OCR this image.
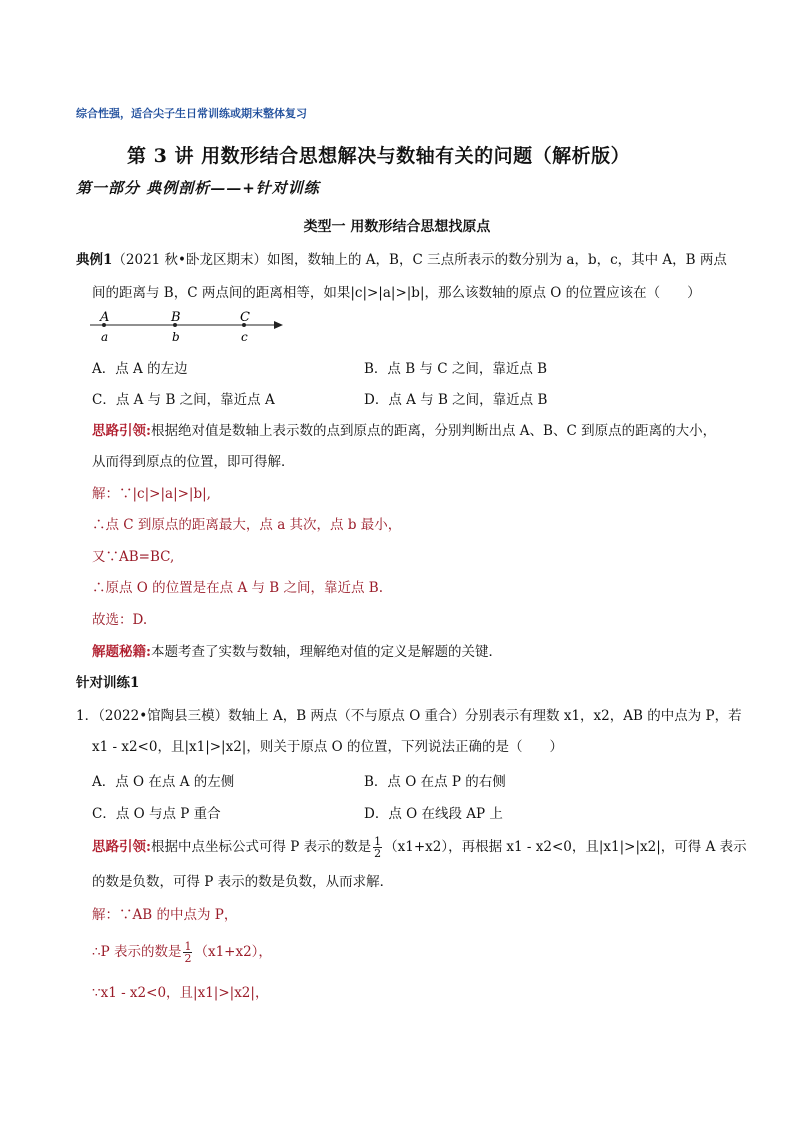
综合性强，适合尖子生日常训练或期末整体复习
第 3 讲 用数形结合思想解决与数轴有关的问题（解析版）
第一部分 典例剖析——+针对训练
类型一 用数形结合思想找原点
典例1（2021 秋•卧龙区期末）如图，数轴上的 A，B，C 三点所表示的数分别为 a，b，c，其中 A，B 两点
间的距离与 B，C 两点间的距离相等，如果|c|>|a|>|b|，那么该数轴的原点 O 的位置应该在（　　）
A	B	C
a	b	c
A．点 A 的左边	B．点 B 与 C 之间，靠近点 B
C．点 A 与 B 之间，靠近点 A	D．点 A 与 B 之间，靠近点 B
思路引领:根据绝对值是数轴上表示数的点到原点的距离，分别判断出点 A、B、C 到原点的距离的大小，
从而得到原点的位置，即可得解．
解：∵|c|>|a|>|b|,
∴点 C 到原点的距离最大，点 a 其次，点 b 最小，
又∵AB=BC,
∴原点 O 的位置是在点 A 与 B 之间，靠近点 B.
故选：D.
解题秘籍:本题考查了实数与数轴，理解绝对值的定义是解题的关键．
针对训练1
1．（2022•馆陶县三模）数轴上 A，B 两点（不与原点 O 重合）分别表示有理数 x1，x2，AB 的中点为 P，若
x1 - x2<0，且|x1|>|x2|，则关于原点 O 的位置，下列说法正确的是（　　）
A．点 O 在点 A 的左侧	B．点 O 在点 P 的右侧
C．点 O 与点 P 重合	D．点 O 在线段 AP 上
思路引领:根据中点坐标公式可得 P 表示的数是 $\frac{1}{2} (x1+x2)$，再根据 x1 - x2<0，且|x1|>|x2|，可得 A 表示
的数是负数，可得 P 表示的数是负数，从而求解．
解：∵AB 的中点为 P，
∴P 表示的数是 $\frac{1}{2} (x1+x2)$，
∵x1 - x2<0，且|x1|>|x2|，
